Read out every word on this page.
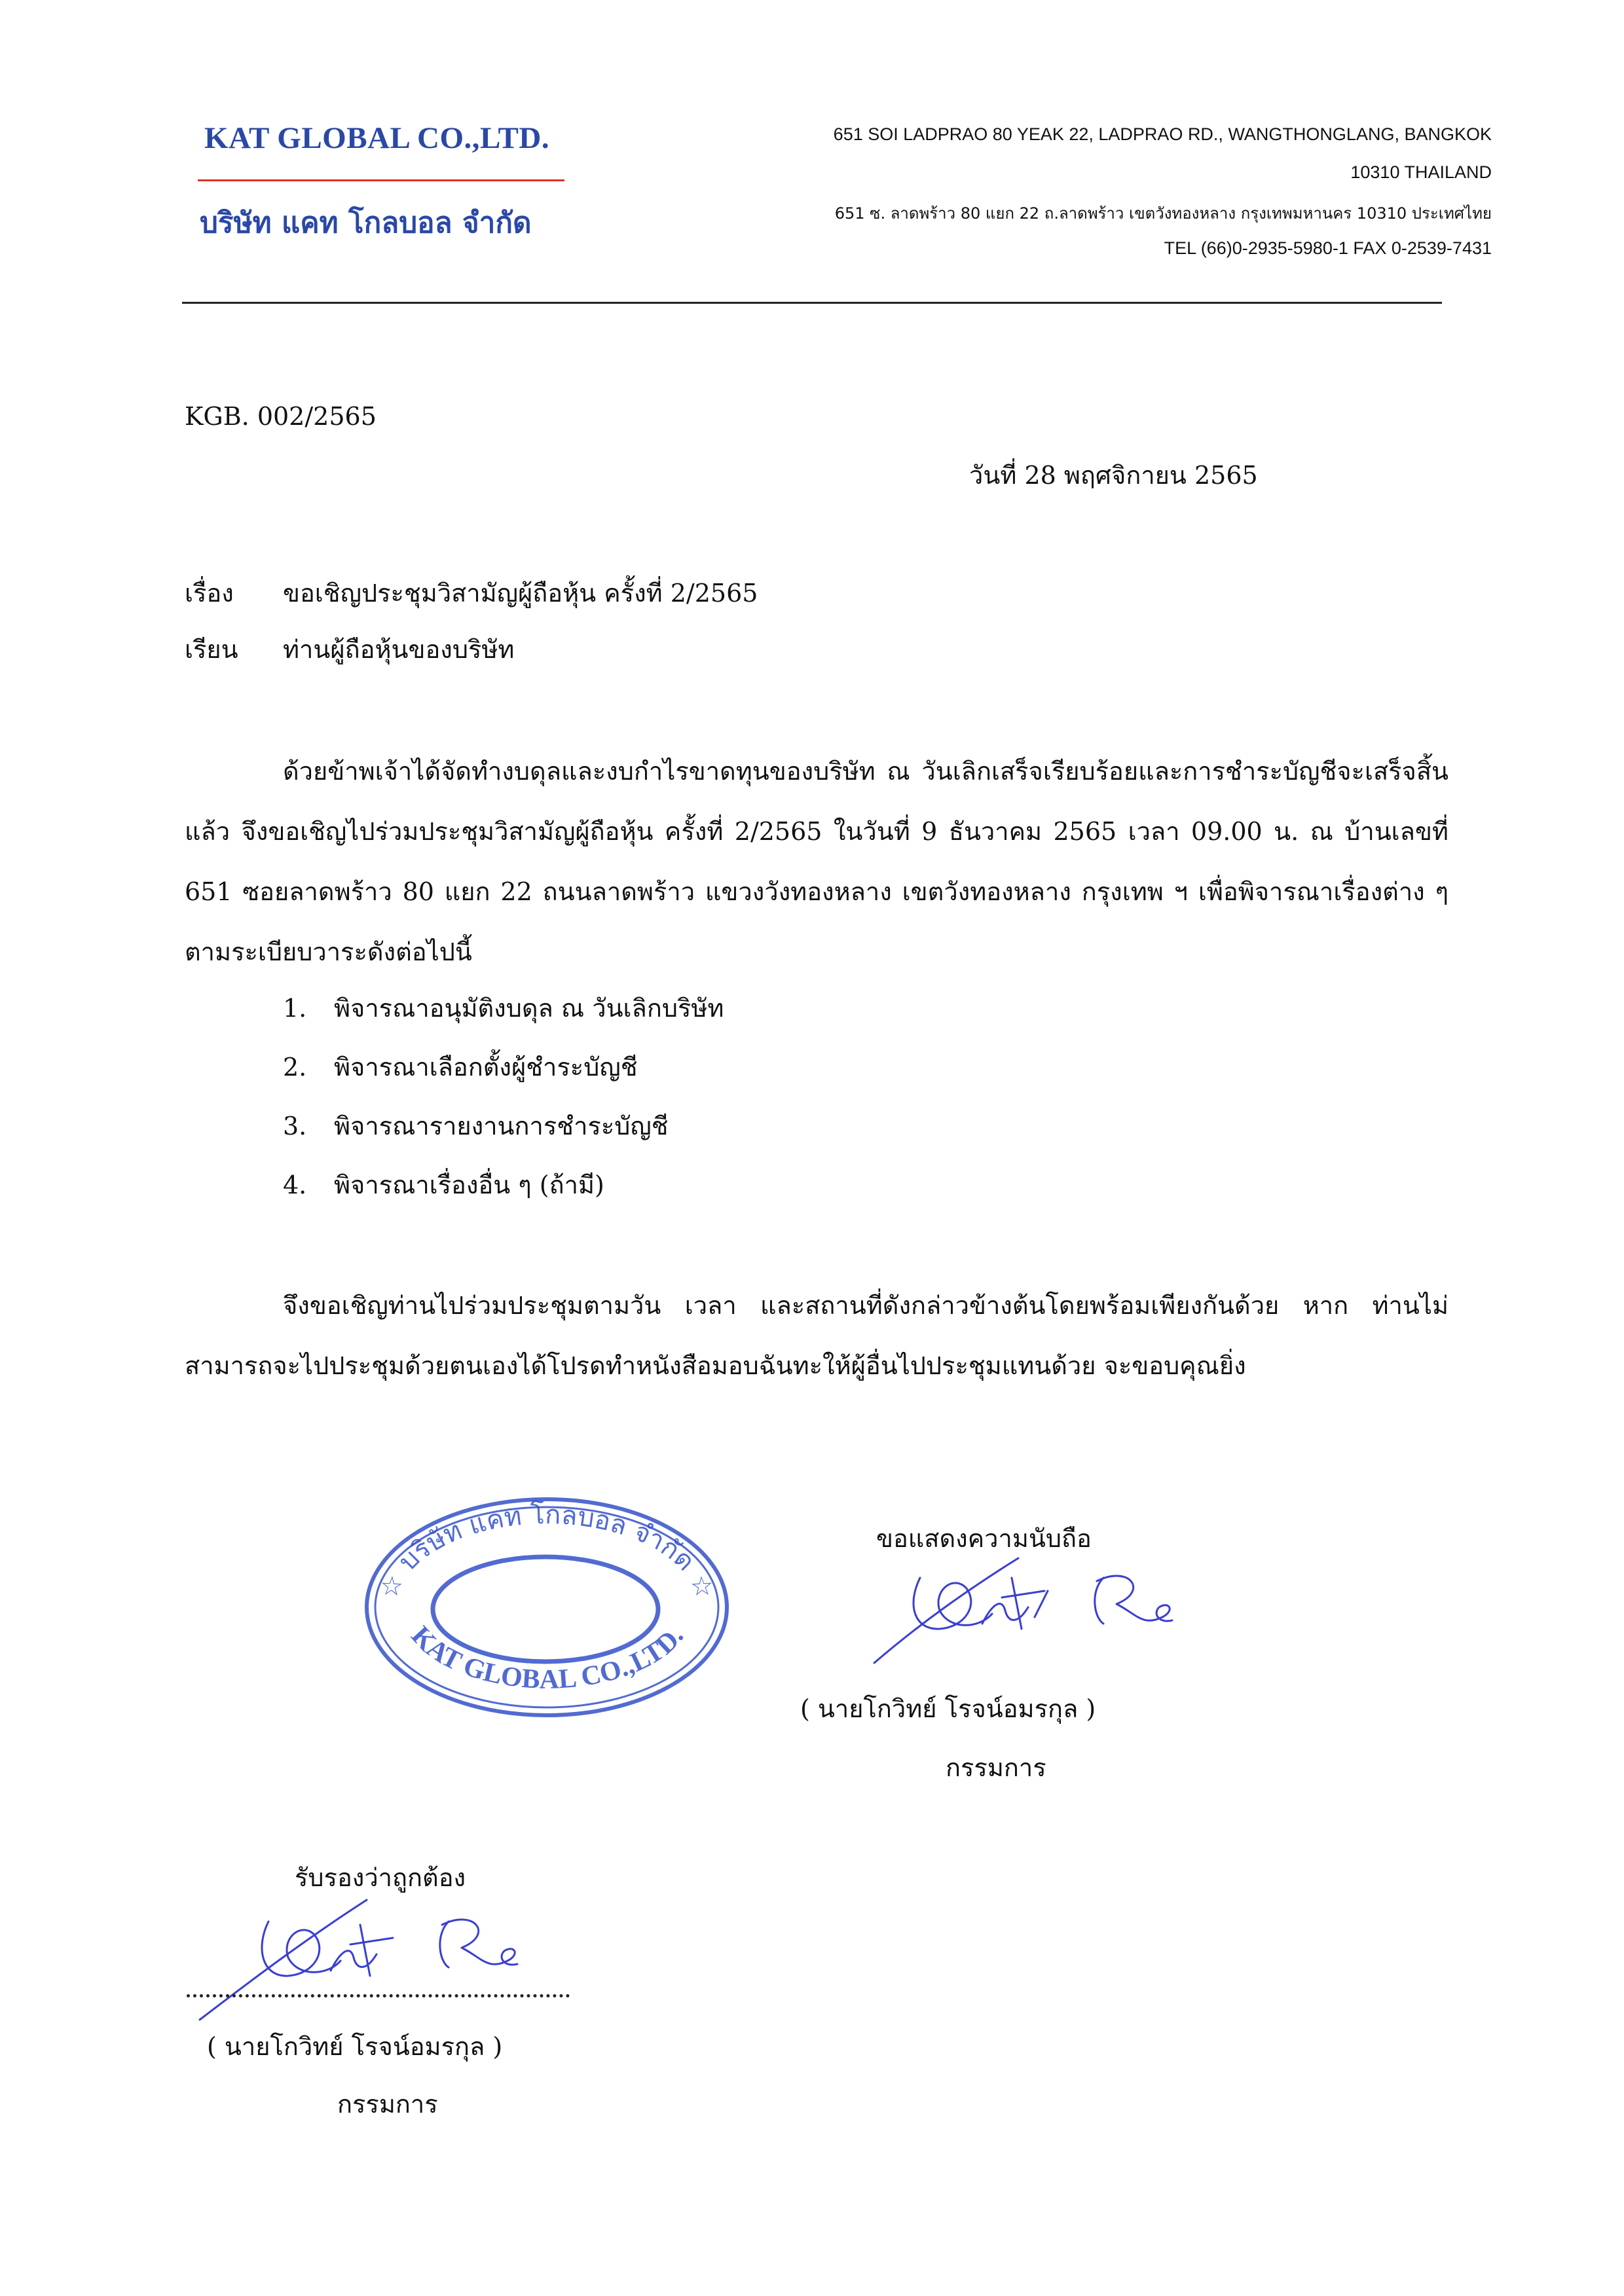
KAT GLOBAL CO.,LTD.
บริษัท แคท โกลบอล จำกัด
651 SOI LADPRAO 80 YEAK 22, LADPRAO RD., WANGTHONGLANG, BANGKOK
10310 THAILAND
651 ซ. ลาดพร้าว 80 แยก 22 ถ.ลาดพร้าว เขตวังทองหลาง กรุงเทพมหานคร 10310 ประเทศไทย
TEL (66)0-2935-5980-1 FAX 0-2539-7431
KGB. 002/2565
วันที่ 28 พฤศจิกายน 2565
เรื่อง ขอเชิญประชุมวิสามัญผู้ถือหุ้น ครั้งที่ 2/2565
เรียน ท่านผู้ถือหุ้นของบริษัท
ด้วยข้าพเจ้าได้จัดทำงบดุลและงบกำไรขาดทุนของบริษัท ณ วันเลิกเสร็จเรียบร้อยและการชำระบัญชีจะเสร็จสิ้นแล้ว จึงขอเชิญไปร่วมประชุมวิสามัญผู้ถือหุ้น ครั้งที่ 2/2565 ในวันที่ 9 ธันวาคม 2565 เวลา 09.00 น. ณ บ้านเลขที่ 651 ซอยลาดพร้าว 80 แยก 22 ถนนลาดพร้าว แขวงวังทองหลาง เขตวังทองหลาง กรุงเทพ ฯ เพื่อพิจารณาเรื่องต่าง ๆ ตามระเบียบวาระดังต่อไปนี้
1. พิจารณาอนุมัติงบดุล ณ วันเลิกบริษัท
2. พิจารณาเลือกตั้งผู้ชำระบัญชี
3. พิจารณารายงานการชำระบัญชี
4. พิจารณาเรื่องอื่น ๆ (ถ้ามี)
จึงขอเชิญท่านไปร่วมประชุมตามวัน เวลา และสถานที่ดังกล่าวข้างต้นโดยพร้อมเพียงกันด้วย หาก ท่านไม่สามารถจะไปประชุมด้วยตนเองได้โปรดทำหนังสือมอบฉันทะให้ผู้อื่นไปประชุมแทนด้วย จะขอบคุณยิ่ง
☆ บริษัท แคท โกลบอล จำกัด ☆
KAT GLOBAL CO.,LTD.
ขอแสดงความนับถือ
( นายโกวิทย์ โรจน์อมรกุล )
กรรมการ
รับรองว่าถูกต้อง
( นายโกวิทย์ โรจน์อมรกุล )
กรรมการ
